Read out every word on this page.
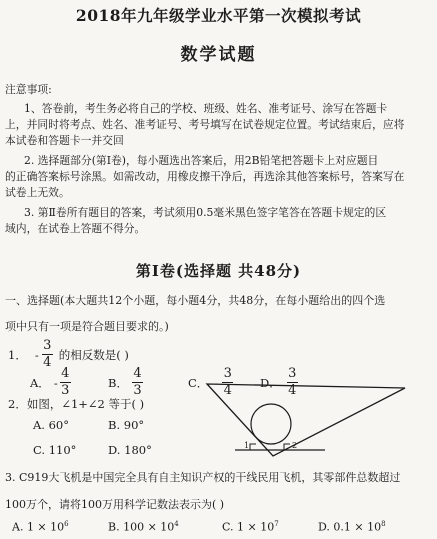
2018年九年级学业水平第一次模拟考试
数学试题
注意事项:
1、答卷前，考生务必将自己的学校、班级、姓名、准考证号、涂写在答题卡
上，并同时将考点、姓名、准考证号、考号填写在试卷规定位置。考试结束后，应将
本试卷和答题卡一并交回
2. 选择题部分(第Ⅰ卷)，每小题选出答案后，用2B铅笔把答题卡上对应题目
的正确答案标号涂黑。如需改动，用橡皮擦干净后，再选涂其他答案标号，答案写在
试卷上无效。
3. 第Ⅱ卷所有题目的答案，考试须用0.5毫米黑色签字笔答在答题卡规定的区
域内，在试卷上答题不得分。
第Ⅰ卷(选择题 共48分)
一、选择题(本大题共12个小题，每小题4分，共48分，在每小题给出的四个选
项中只有一项是符合题目要求的。)
1． - $\frac{3}{4}$ 的相反数是( )
A． - $\frac{4}{3}$	B． $\frac{4}{3}$	C． - $\frac{3}{4}$ D． $\frac{3}{4}$
2．如图，∠1+∠2 等于( )
A. 60°	B. 90°
C. 110°	D. 180°	1	2
3. C919大飞机是中国完全具有自主知识产权的干线民用飞机，其零部件总数超过
100万个，请将100万用科学记数法表示为( )
A. $1 \times 10^6$	B. $100 \times 10^4$	C. $1 \times 10^7$	D. $0.1 \times 10^8$
